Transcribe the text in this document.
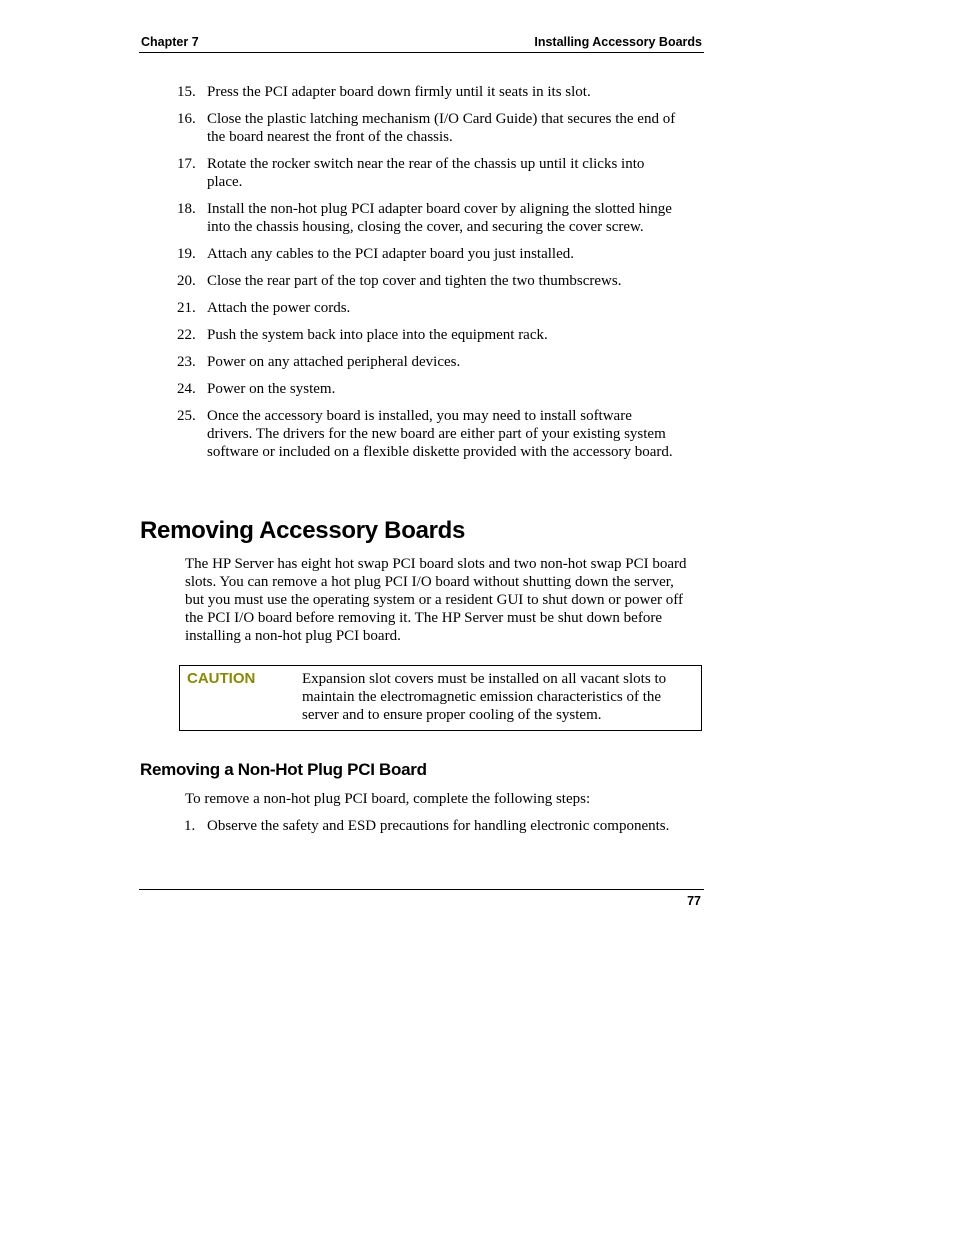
Chapter 7	Installing Accessory Boards
15. Press the PCI adapter board down firmly until it seats in its slot.
16. Close the plastic latching mechanism (I/O Card Guide) that secures the end of the board nearest the front of the chassis.
17. Rotate the rocker switch near the rear of the chassis up until it clicks into place.
18. Install the non-hot plug PCI adapter board cover by aligning the slotted hinge into the chassis housing, closing the cover, and securing the cover screw.
19. Attach any cables to the PCI adapter board you just installed.
20. Close the rear part of the top cover and tighten the two thumbscrews.
21. Attach the power cords.
22. Push the system back into place into the equipment rack.
23. Power on any attached peripheral devices.
24. Power on the system.
25. Once the accessory board is installed, you may need to install software drivers. The drivers for the new board are either part of your existing system software or included on a flexible diskette provided with the accessory board.
Removing Accessory Boards

The HP Server has eight hot swap PCI board slots and two non-hot swap PCI board slots. You can remove a hot plug PCI I/O board without shutting down the server, but you must use the operating system or a resident GUI to shut down or power off the PCI I/O board before removing it. The HP Server must be shut down before installing a non-hot plug PCI board.

CAUTION	Expansion slot covers must be installed on all vacant slots to maintain the electromagnetic emission characteristics of the server and to ensure proper cooling of the system.
Removing a Non-Hot Plug PCI Board

To remove a non-hot plug PCI board, complete the following steps:

1. Observe the safety and ESD precautions for handling electronic components.
77
